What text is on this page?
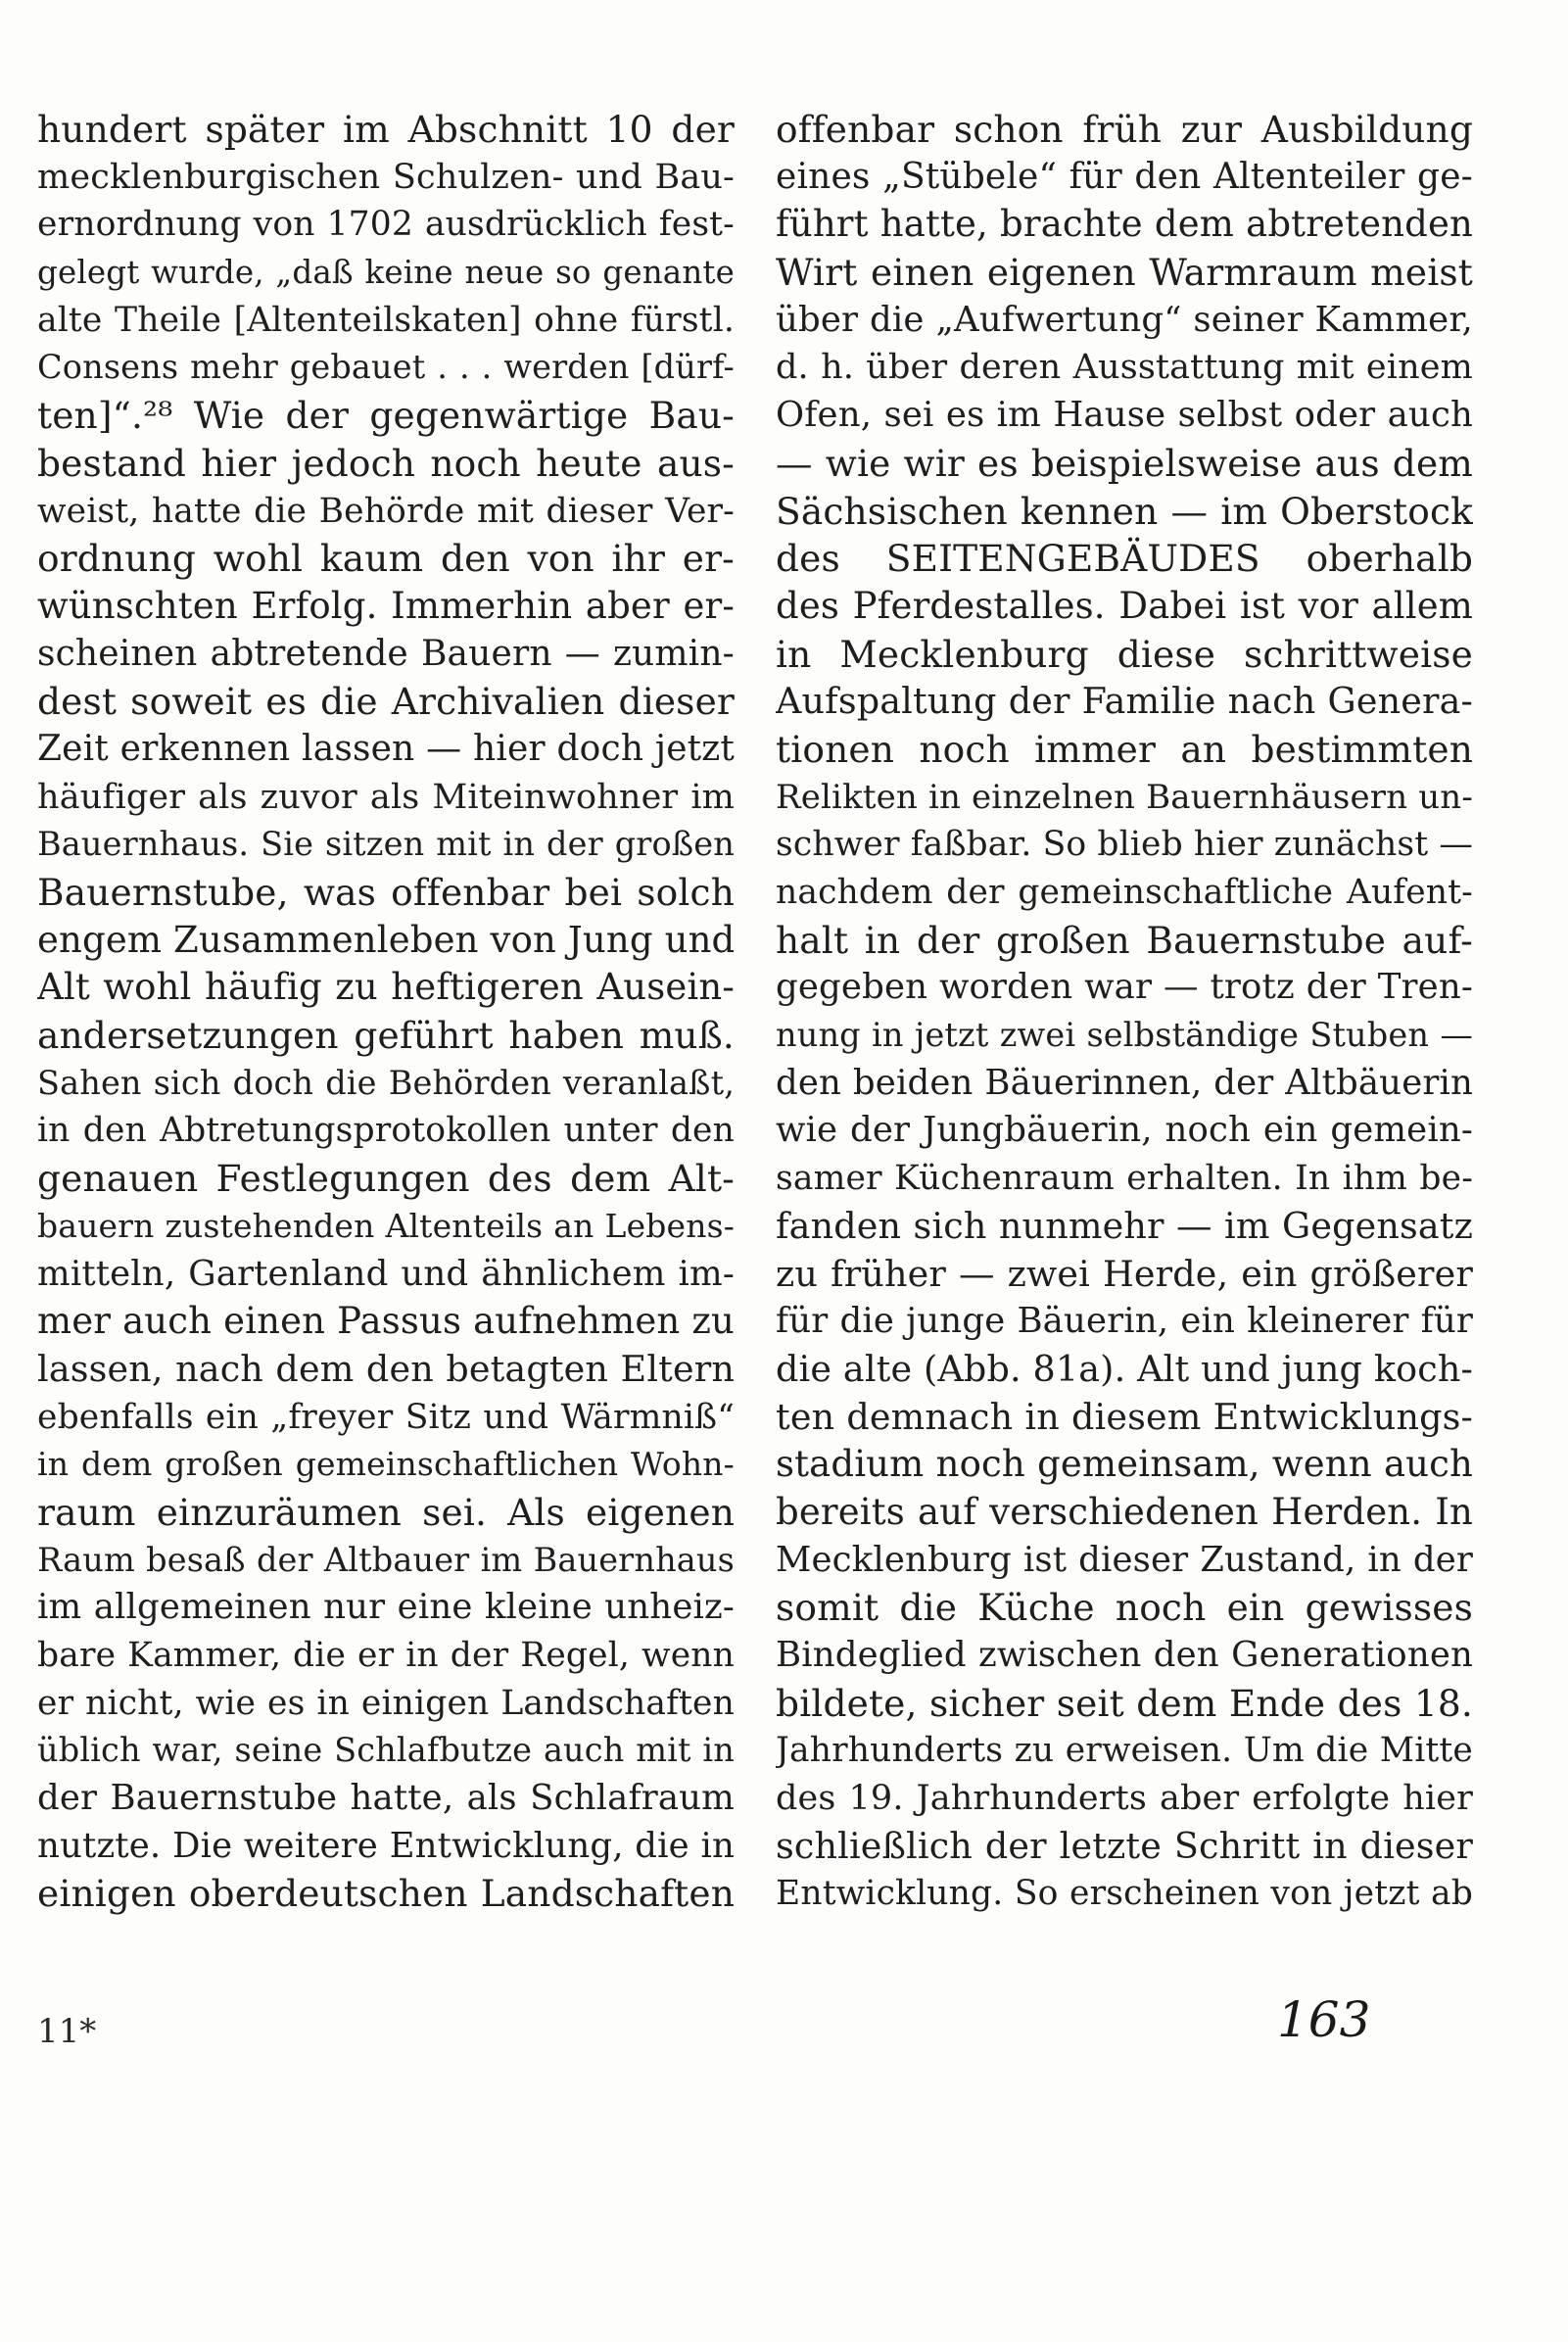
hundert später im Abschnitt 10 der
mecklenburgischen Schulzen- und Bau-
ernordnung von 1702 ausdrücklich fest-
gelegt wurde, „daß keine neue so genante
alte Theile [Altenteilskaten] ohne fürstl.
Consens mehr gebauet . . . werden [dürf-
ten]“.²⁸ Wie der gegenwärtige Bau-
bestand hier jedoch noch heute aus-
weist, hatte die Behörde mit dieser Ver-
ordnung wohl kaum den von ihr er-
wünschten Erfolg. Immerhin aber er-
scheinen abtretende Bauern — zumin-
dest soweit es die Archivalien dieser
Zeit erkennen lassen — hier doch jetzt
häufiger als zuvor als Miteinwohner im
Bauernhaus. Sie sitzen mit in der großen
Bauernstube, was offenbar bei solch
engem Zusammenleben von Jung und
Alt wohl häufig zu heftigeren Ausein-
andersetzungen geführt haben muß.
Sahen sich doch die Behörden veranlaßt,
in den Abtretungsprotokollen unter den
genauen Festlegungen des dem Alt-
bauern zustehenden Altenteils an Lebens-
mitteln, Gartenland und ähnlichem im-
mer auch einen Passus aufnehmen zu
lassen, nach dem den betagten Eltern
ebenfalls ein „freyer Sitz und Wärmniß“
in dem großen gemeinschaftlichen Wohn-
raum einzuräumen sei. Als eigenen
Raum besaß der Altbauer im Bauernhaus
im allgemeinen nur eine kleine unheiz-
bare Kammer, die er in der Regel, wenn
er nicht, wie es in einigen Landschaften
üblich war, seine Schlafbutze auch mit in
der Bauernstube hatte, als Schlafraum
nutzte. Die weitere Entwicklung, die in
einigen oberdeutschen Landschaften
offenbar schon früh zur Ausbildung
eines „Stübele“ für den Altenteiler ge-
führt hatte, brachte dem abtretenden
Wirt einen eigenen Warmraum meist
über die „Aufwertung“ seiner Kammer,
d. h. über deren Ausstattung mit einem
Ofen, sei es im Hause selbst oder auch
— wie wir es beispielsweise aus dem
Sächsischen kennen — im Oberstock
des SEITENGEBÄUDES oberhalb
des Pferdestalles. Dabei ist vor allem
in Mecklenburg diese schrittweise
Aufspaltung der Familie nach Genera-
tionen noch immer an bestimmten
Relikten in einzelnen Bauernhäusern un-
schwer faßbar. So blieb hier zunächst —
nachdem der gemeinschaftliche Aufent-
halt in der großen Bauernstube auf-
gegeben worden war — trotz der Tren-
nung in jetzt zwei selbständige Stuben —
den beiden Bäuerinnen, der Altbäuerin
wie der Jungbäuerin, noch ein gemein-
samer Küchenraum erhalten. In ihm be-
fanden sich nunmehr — im Gegensatz
zu früher — zwei Herde, ein größerer
für die junge Bäuerin, ein kleinerer für
die alte (Abb. 81a). Alt und jung koch-
ten demnach in diesem Entwicklungs-
stadium noch gemeinsam, wenn auch
bereits auf verschiedenen Herden. In
Mecklenburg ist dieser Zustand, in der
somit die Küche noch ein gewisses
Bindeglied zwischen den Generationen
bildete, sicher seit dem Ende des 18.
Jahrhunderts zu erweisen. Um die Mitte
des 19. Jahrhunderts aber erfolgte hier
schließlich der letzte Schritt in dieser
Entwicklung. So erscheinen von jetzt ab
11*	163
